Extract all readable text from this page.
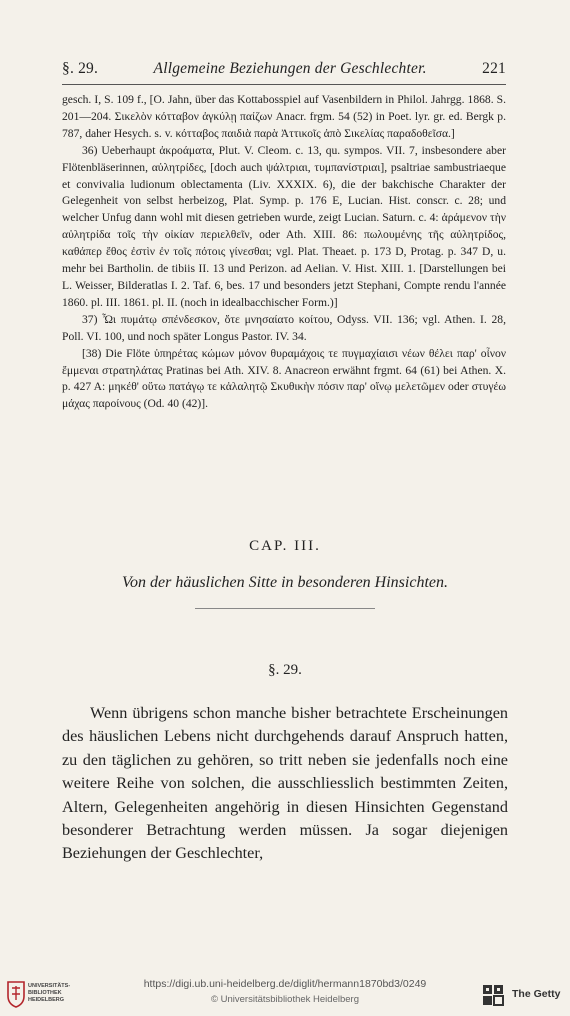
§. 29.	Allgemeine Beziehungen der Geschlechter.	221

gesch. I, S. 109 f., [O. Jahn, über das Kottabosspiel auf Vasenbildern in Philol. Jahrgg. 1868. S. 201—204. Σικελὸν κότταβον ἀγκύλῃ παίζων Anacr. frgm. 54 (52) in Poet. lyr. gr. ed. Bergk p. 787, daher Hesych. s. v. κότταβος παιδιὰ παρὰ Ἀττικοῖς ἀπὸ Σικελίας παραδοθεῖσα.]

36) Ueberhaupt ἀκροάματα, Plut. V. Cleom. c. 13, qu. sympos. VII. 7, insbesondere aber Flötenbläserinnen, αὐλητρίδες, [doch auch ψάλτριαι, τυμπανίστριαι], psaltriae sambustriaeque et convivalia ludionum oblectamenta (Liv. XXXIX. 6), die der bakchische Charakter der Gelegenheit von selbst herbeizog, Plat. Symp. p. 176 E, Lucian. Hist. conscr. c. 28; und welcher Unfug dann wohl mit diesen getrieben wurde, zeigt Lucian. Saturn. c. 4: ἀράμενον τὴν αὐλητρίδα τοῖς τὴν οἰκίαν περιελθεῖν, oder Ath. XIII. 86: πωλουμένης τῆς αὐλητρίδος, καθάπερ ἔθος ἐστὶν ἐν τοῖς πότοις γίνεσθαι; vgl. Plat. Theaet. p. 173 D, Protag. p. 347 D, u. mehr bei Bartholin. de tibiis II. 13 und Perizon. ad Aelian. V. Hist. XIII. 1. [Darstellungen bei L. Weisser, Bilderatlas I. 2. Taf. 6, bes. 17 und besonders jetzt Stephani, Compte rendu l'année 1860. pl. III. 1861. pl. II. (noch in idealbacchischer Form.)]

37) Ὦι πυμάτῳ σπένδεσκον, ὅτε μνησαίατο κοίτου, Odyss. VII. 136; vgl. Athen. I. 28, Poll. VI. 100, und noch später Longus Pastor. IV. 34.

[38) Die Flöte ὑπηρέτας κώμων μόνον θυραμάχοις τε πυγμαχίαισι νέων θέλει παρ' οἶνον ἔμμεναι στρατηλάτας Pratinas bei Ath. XIV. 8. Anacreon erwähnt frgmt. 64 (61) bei Athen. X. p. 427 A: μηκέθ' οὕτω πατάγῳ τε κἀλαλητῷ Σκυθικὴν πόσιν παρ' οἴνῳ μελετῶμεν oder στυγέω μάχας παροίνους (Od. 40 (42)].

CAP. III.
Von der häuslichen Sitte in besonderen Hinsichten.
§. 29.

Wenn übrigens schon manche bisher betrachtete Erscheinungen des häuslichen Lebens nicht durchgehends darauf Anspruch hatten, zu den täglichen zu gehören, so tritt neben sie jedenfalls noch eine weitere Reihe von solchen, die ausschliesslich bestimmten Zeiten, Altern, Gelegenheiten angehörig in diesen Hinsichten Gegenstand besonderer Betrachtung werden müssen. Ja sogar diejenigen Beziehungen der Geschlechter,

UNIVERSITÄTS-
BIBLIOTHEK
HEIDELBERG
https://digi.ub.uni-heidelberg.de/diglit/hermann1870bd3/0249
© Universitätsbibliothek Heidelberg	The Getty
